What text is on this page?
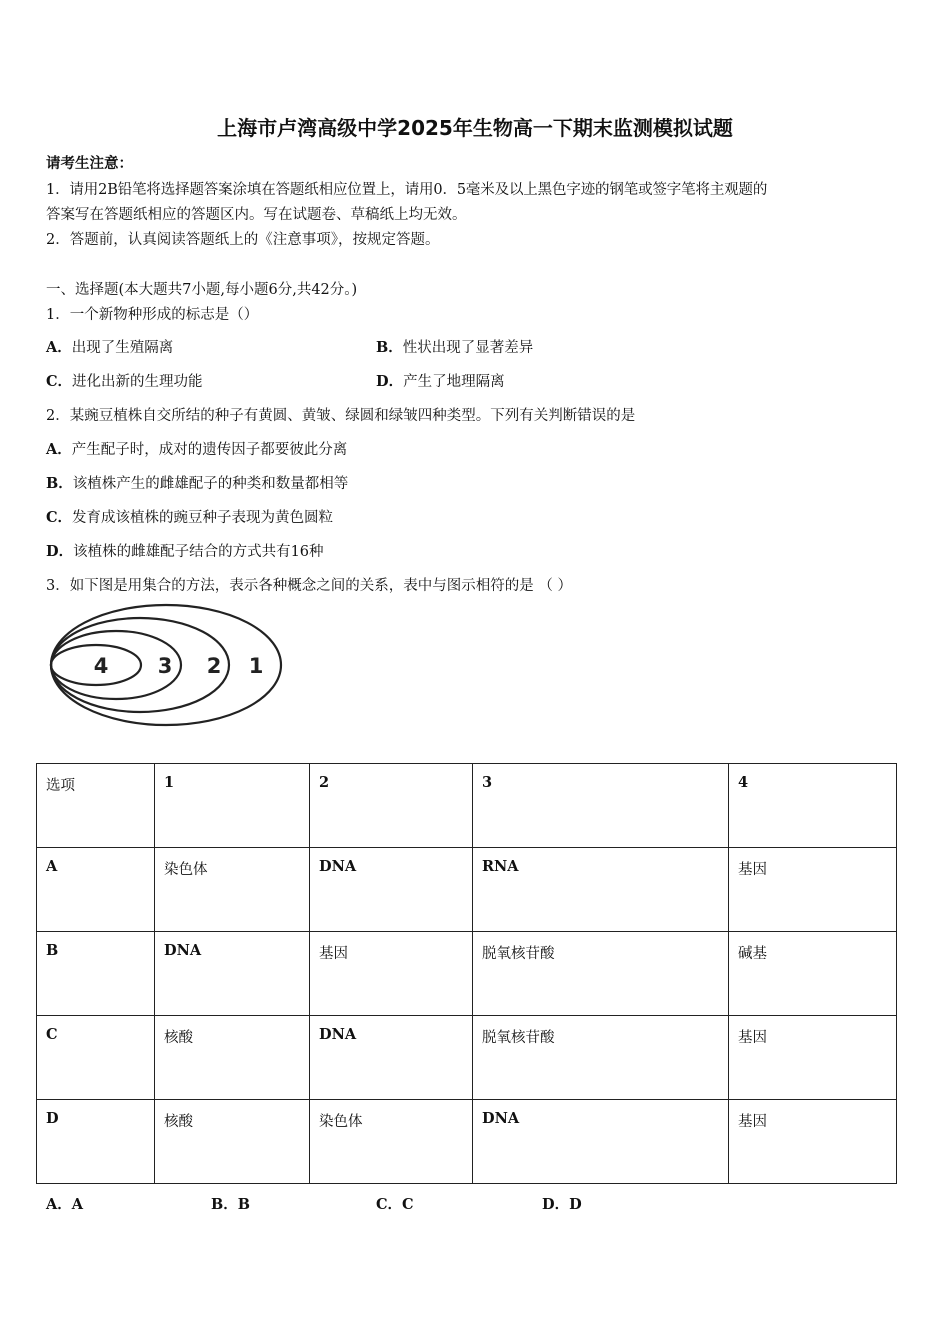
上海市卢湾高级中学2025年生物高一下期末监测模拟试题
请考生注意：
1．请用2B铅笔将选择题答案涂填在答题纸相应位置上，请用0．5毫米及以上黑色字迹的钢笔或签字笔将主观题的
答案写在答题纸相应的答题区内。写在试题卷、草稿纸上均无效。
2．答题前，认真阅读答题纸上的《注意事项》，按规定答题。
一、选择题(本大题共7小题,每小题6分,共42分。)
1．一个新物种形成的标志是（）
A．出现了生殖隔离	B．性状出现了显著差异
C．进化出新的生理功能	D．产生了地理隔离
2．某豌豆植株自交所结的种子有黄圆、黄皱、绿圆和绿皱四种类型。下列有关判断错误的是
A．产生配子时，成对的遗传因子都要彼此分离
B．该植株产生的雌雄配子的种类和数量都相等
C．发育成该植株的豌豆种子表现为黄色圆粒
D．该植株的雌雄配子结合的方式共有16种
3．如下图是用集合的方法，表示各种概念之间的关系，表中与图示相符的是 （ ）
4 3 2 1
选项	1	2	3	4
A	染色体	DNA	RNA	基因
B	DNA	基因	脱氧核苷酸	碱基
C	核酸	DNA	脱氧核苷酸	基因
D	核酸	染色体	DNA	基因
A．A	B．B	C．C	D．D
